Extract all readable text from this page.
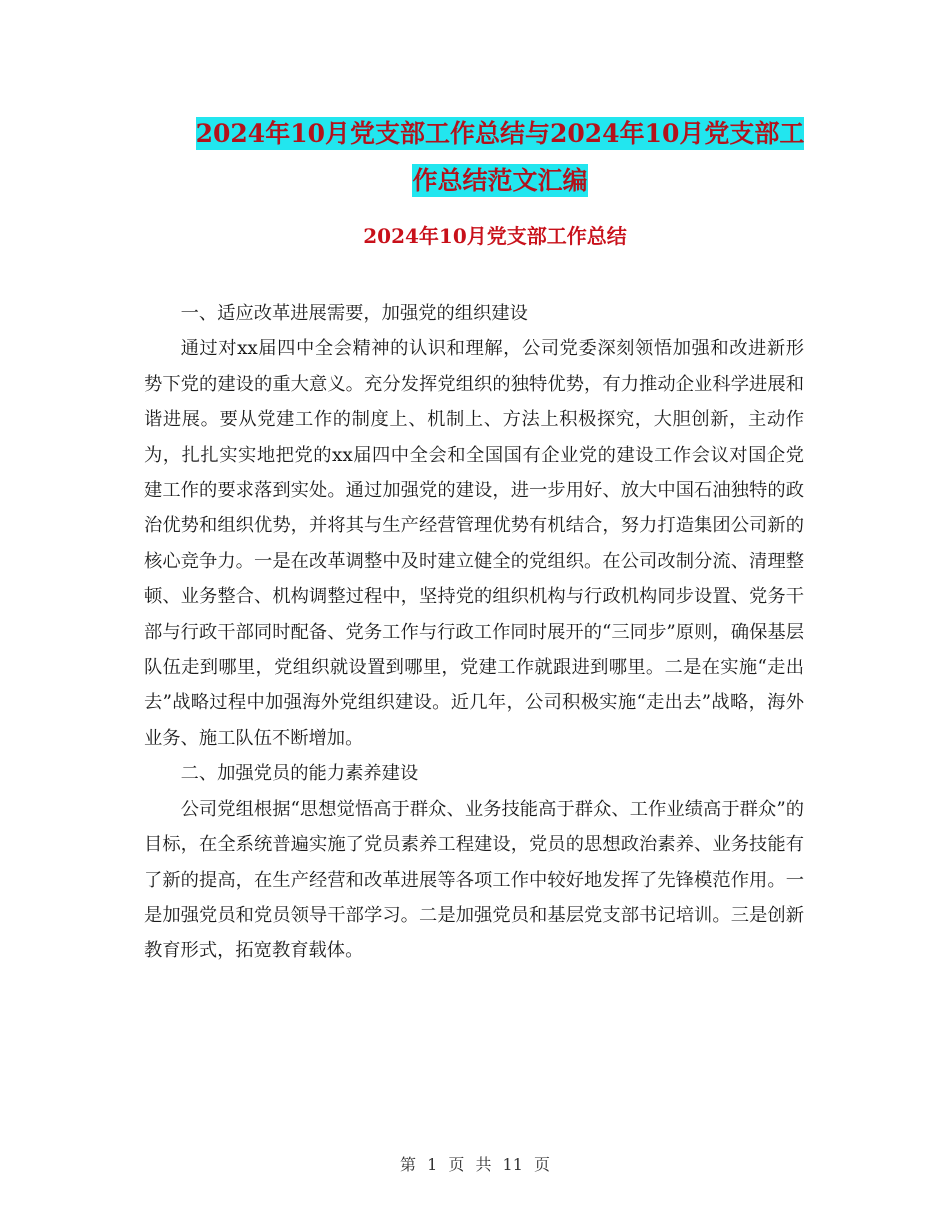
2024年10月党支部工作总结与2024年10月党支部工
作总结范文汇编
2024年10月党支部工作总结

一、适应改革进展需要，加强党的组织建设

通过对xx届四中全会精神的认识和理解，公司党委深刻领悟加强和改进新形势下党的建设的重大意义。充分发挥党组织的独特优势，有力推动企业科学进展和谐进展。要从党建工作的制度上、机制上、方法上积极探究，大胆创新，主动作为，扎扎实实地把党的xx届四中全会和全国国有企业党的建设工作会议对国企党建工作的要求落到实处。通过加强党的建设，进一步用好、放大中国石油独特的政治优势和组织优势，并将其与生产经营管理优势有机结合，努力打造集团公司新的核心竞争力。一是在改革调整中及时建立健全的党组织。在公司改制分流、清理整顿、业务整合、机构调整过程中，坚持党的组织机构与行政机构同步设置、党务干部与行政干部同时配备、党务工作与行政工作同时展开的“三同步”原则，确保基层队伍走到哪里，党组织就设置到哪里，党建工作就跟进到哪里。二是在实施“走出去”战略过程中加强海外党组织建设。近几年，公司积极实施“走出去”战略，海外业务、施工队伍不断增加。

二、加强党员的能力素养建设

公司党组根据“思想觉悟高于群众、业务技能高于群众、工作业绩高于群众”的目标，在全系统普遍实施了党员素养工程建设，党员的思想政治素养、业务技能有了新的提高，在生产经营和改革进展等各项工作中较好地发挥了先锋模范作用。一是加强党员和党员领导干部学习。二是加强党员和基层党支部书记培训。三是创新教育形式，拓宽教育载体。

第 1 页 共 11 页
